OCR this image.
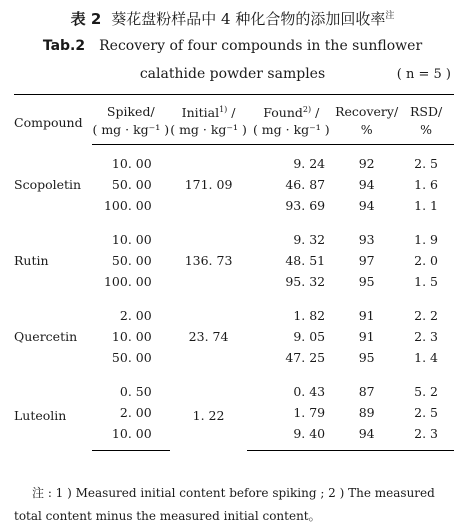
表 2 葵花盘粉样品中 4 种化合物的添加回收率$^注$
Tab.2 Recovery of four compounds in the sunflower
calathide powder samples	( n = 5 )
Compound	Spiked/	Initial$^{1)}$ /	Found$^{2)}$ /	Recovery/	RSD/
	( mg · kg⁻¹ )	( mg · kg⁻¹ )	( mg · kg⁻¹ )	%	%
Scopoletin	10. 00	171. 09	9. 24	92	2. 5
	50. 00		46. 87	94	1. 6
	100. 00		93. 69	94	1. 1

Rutin	10. 00	136. 73	9. 32	93	1. 9
	50. 00		48. 51	97	2. 0
	100. 00		95. 32	95	1. 5

Quercetin	2. 00	23. 74	1. 82	91	2. 2
	10. 00		9. 05	91	2. 3
	50. 00		47. 25	95	1. 4

Luteolin	0. 50	1. 22	0. 43	87	5. 2
	2. 00		1. 79	89	2. 5
	10. 00		9. 40	94	2. 3
注 : 1 ) Measured initial content before spiking ; 2 ) The measured
total content minus the measured initial content。
